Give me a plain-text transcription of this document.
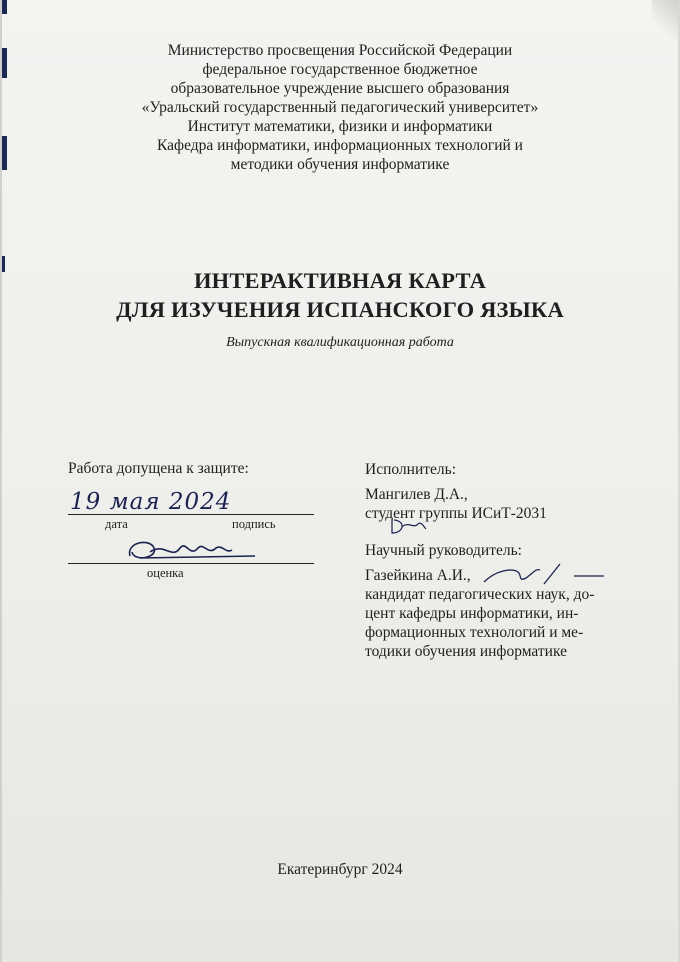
Министерство просвещения Российской Федерации
федеральное государственное бюджетное
образовательное учреждение высшего образования
«Уральский государственный педагогический университет»
Институт математики, физики и информатики
Кафедра информатики, информационных технологий и
методики обучения информатике
ИНТЕРАКТИВНАЯ КАРТА
ДЛЯ ИЗУЧЕНИЯ ИСПАНСКОГО ЯЗЫКА
Выпускная квалификационная работа
Работа допущена к защите:
19 мая 2024
дата	подпись
оценка
Исполнитель:
Мангилев Д.А.,
студент группы ИСиТ-2031
Научный руководитель:
Газейкина А.И.,
кандидат педагогических наук, до-
цент кафедры информатики, ин-
формационных технологий и ме-
тодики обучения информатике
Екатеринбург 2024
